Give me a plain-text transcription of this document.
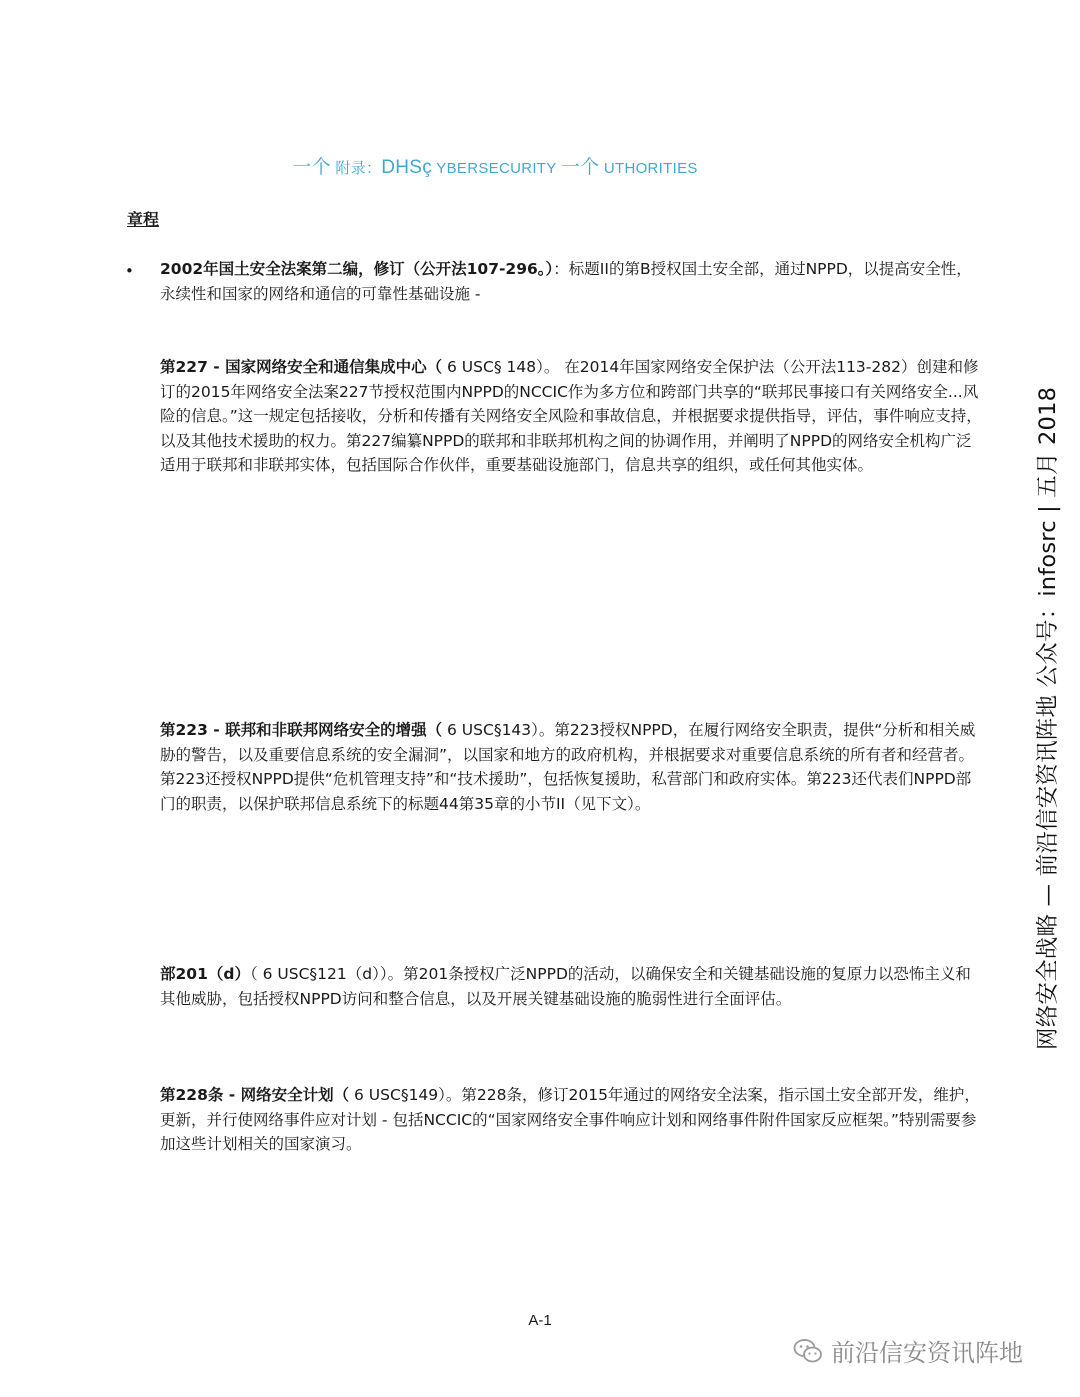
一个 附录：DHSç YBERSECURITY 一个 UTHORITIES
章程
• 2002年国土安全法案第二编，修订（公开法107-296。）：标题II的第B授权国土安全部，通过NPPD，以提高安全性，永续性和国家的网络和通信的可靠性基础设施 -
第227 - 国家网络安全和通信集成中心（ 6 USC§ 148）。 在2014年国家网络安全保护法（公开法113-282）创建和修订的2015年网络安全法案227节授权范围内NPPD的NCCIC作为多方位和跨部门共享的“联邦民事接口有关网络安全...风险的信息。”这一规定包括接收，分析和传播有关网络安全风险和事故信息，并根据要求提供指导，评估，事件响应支持，以及其他技术援助的权力。第227编纂NPPD的联邦和非联邦机构之间的协调作用，并阐明了NPPD的网络安全机构广泛适用于联邦和非联邦实体，包括国际合作伙伴，重要基础设施部门，信息共享的组织，或任何其他实体。
第223 - 联邦和非联邦网络安全的增强（ 6 USC§143）。第223授权NPPD，在履行网络安全职责，提供“分析和相关威胁的警告，以及重要信息系统的安全漏洞”，以国家和地方的政府机构，并根据要求对重要信息系统的所有者和经营者。第223还授权NPPD提供“危机管理支持”和“技术援助”，包括恢复援助，私营部门和政府实体。第223还代表们NPPD部门的职责，以保护联邦信息系统下的标题44第35章的小节II（见下文）。
部201（d）（ 6 USC§121（d））。第201条授权广泛NPPD的活动，以确保安全和关键基础设施的复原力以恐怖主义和其他威胁，包括授权NPPD访问和整合信息，以及开展关键基础设施的脆弱性进行全面评估。
第228条 - 网络安全计划（ 6 USC§149）。第228条，修订2015年通过的网络安全法案，指示国土安全部开发，维护，更新，并行使网络事件应对计划 - 包括NCCIC的“国家网络安全事件响应计划和网络事件附件国家反应框架。”特别需要参加这些计划相关的国家演习。
网络安全战略 — 前沿信安资讯阵地 公众号：infosrc | 五月 2018
A-1
前沿信安资讯阵地
